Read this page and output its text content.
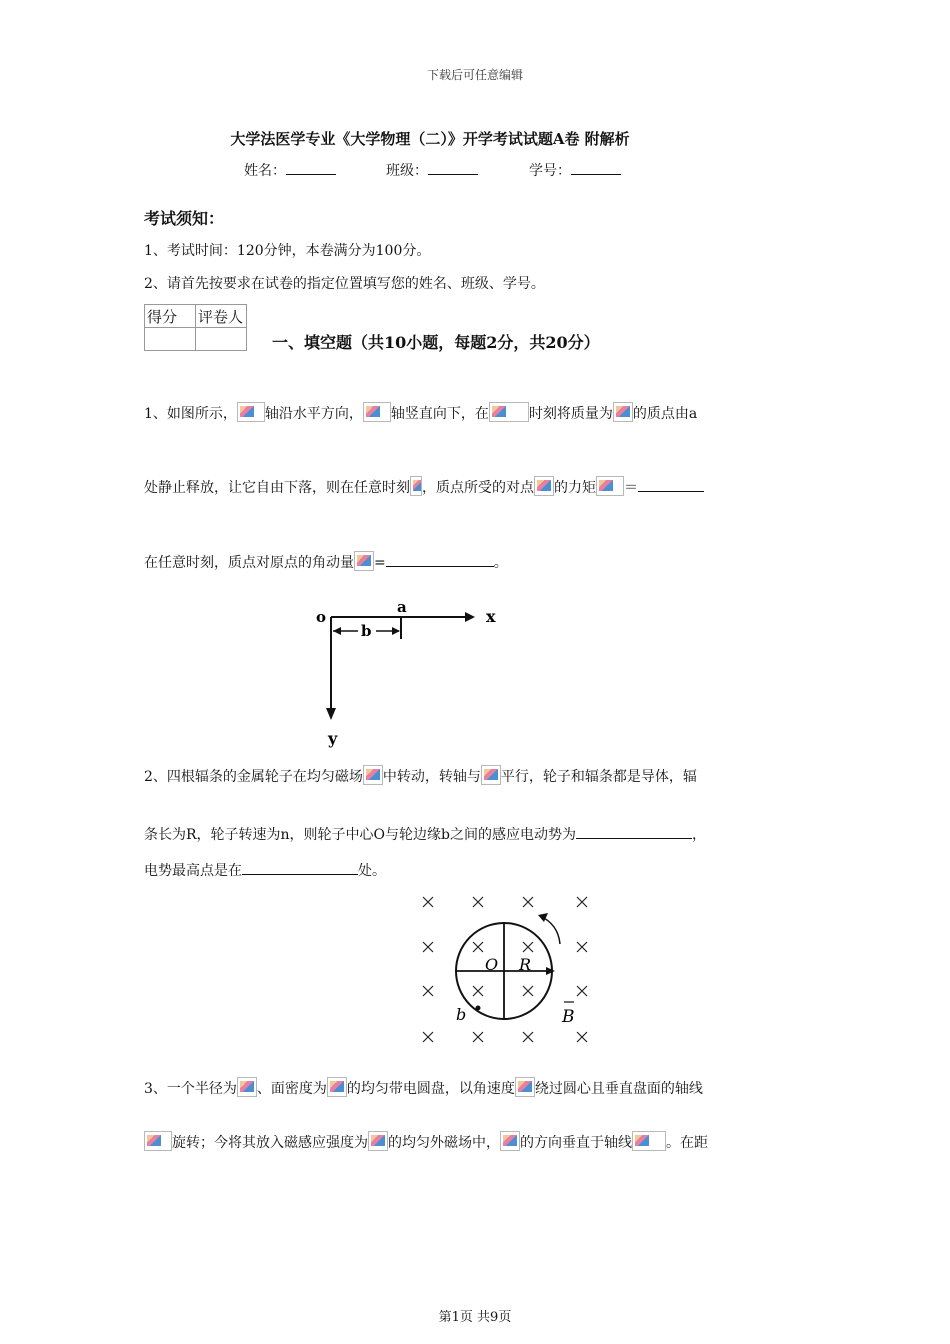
下载后可任意编辑
大学法医学专业《大学物理（二）》开学考试试题A卷 附解析
姓名：	班级：	学号：
考试须知：
1、考试时间：120分钟，本卷满分为100分。
2、请首先按要求在试卷的指定位置填写您的姓名、班级、学号。
得分	评卷人

一、填空题（共10小题，每题2分，共20分）
1、如图所示， 轴沿水平方向， 轴竖直向下，在	时刻将质量为 的质点由a
处静止释放，让它自由下落，则在任意时刻 ，质点所受的对点 的力矩 ＝
在任意时刻，质点对原点的角动量 =	。
o	x
a
y
b
2、四根辐条的金属轮子在均匀磁场 中转动，转轴与 平行，轮子和辐条都是导体，辐
条长为R，轮子转速为n，则轮子中心O与轮边缘b之间的感应电动势为	，
电势最高点是在	处。
O R
b	B
3、一个半径为 、面密度为 的均匀带电圆盘，以角速度 绕过圆心且垂直盘面的轴线
旋转；今将其放入磁感应强度为 的均匀外磁场中， 的方向垂直于轴线 。在距
第1页 共9页
